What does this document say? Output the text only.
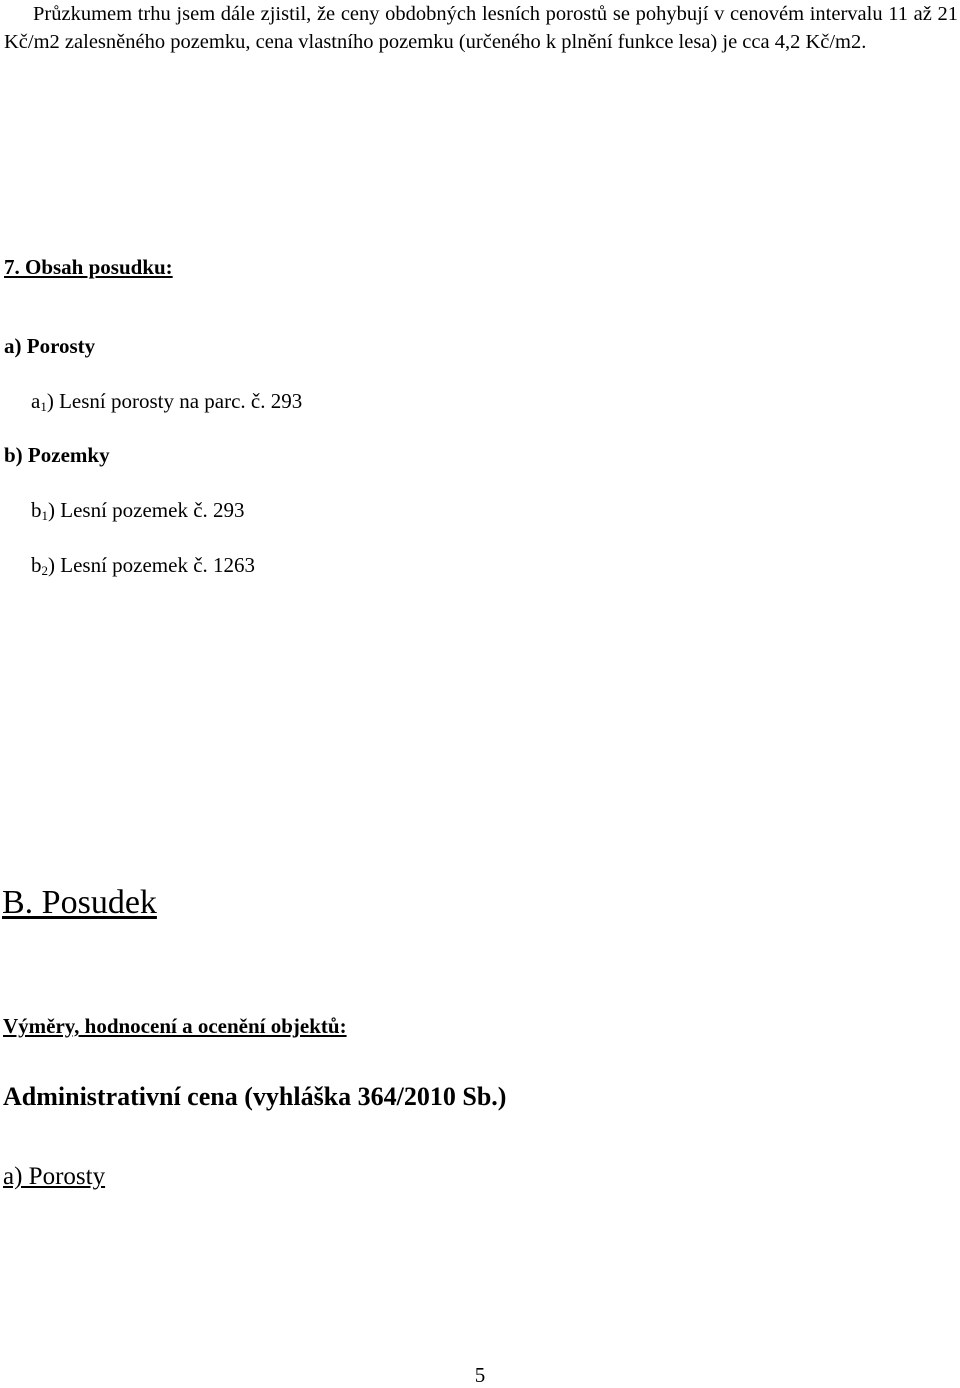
Průzkumem trhu jsem dále zjistil, že ceny obdobných lesních porostů se pohybují v cenovém intervalu 11 až 21 Kč/m2 zalesněného pozemku, cena vlastního pozemku (určeného k plnění funkce lesa) je cca 4,2 Kč/m2.

7. Obsah posudku:

a) Porosty

$a_1$) Lesní porosty na parc. č. 293

b) Pozemky

$b_1$) Lesní pozemek č. 293

$b_2$) Lesní pozemek č. 1263

B. Posudek

Výměry, hodnocení a ocenění objektů:

Administrativní cena (vyhláška 364/2010 Sb.)

a) Porosty

5
